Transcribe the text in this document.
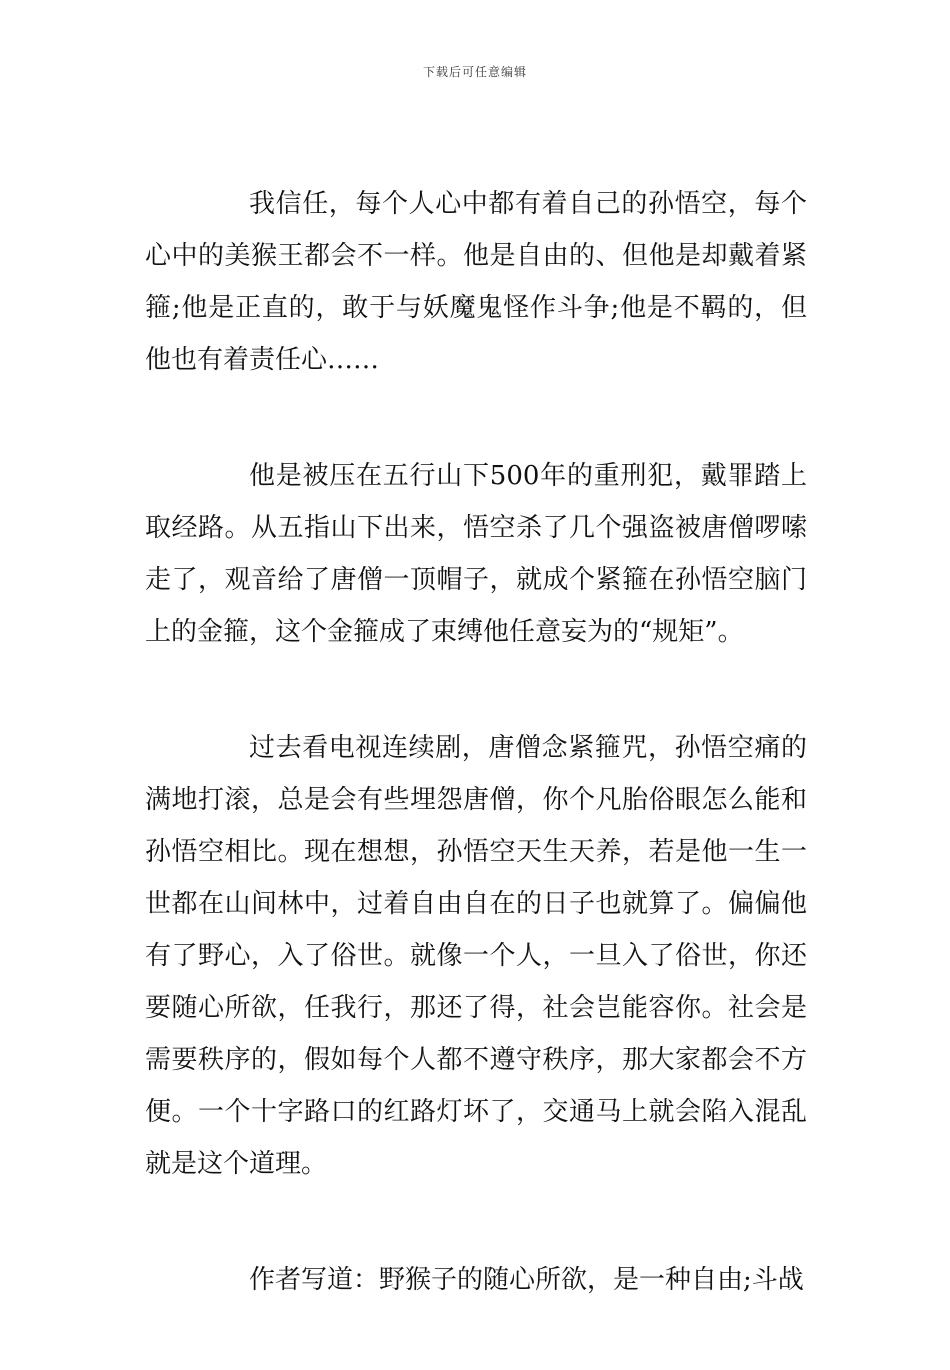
下载后可任意编辑

我信任，每个人心中都有着自己的孙悟空，每个心中的美猴王都会不一样。他是自由的、但他是却戴着紧箍;他是正直的，敢于与妖魔鬼怪作斗争;他是不羁的，但他也有着责任心……

他是被压在五行山下500年的重刑犯，戴罪踏上取经路。从五指山下出来，悟空杀了几个强盗被唐僧啰嗦走了，观音给了唐僧一顶帽子，就成个紧箍在孙悟空脑门上的金箍，这个金箍成了束缚他任意妄为的“规矩”。

过去看电视连续剧，唐僧念紧箍咒，孙悟空痛的满地打滚，总是会有些埋怨唐僧，你个凡胎俗眼怎么能和孙悟空相比。现在想想，孙悟空天生天养，若是他一生一世都在山间林中，过着自由自在的日子也就算了。偏偏他有了野心，入了俗世。就像一个人，一旦入了俗世，你还要随心所欲，任我行，那还了得，社会岂能容你。社会是需要秩序的，假如每个人都不遵守秩序，那大家都会不方便。一个十字路口的红路灯坏了，交通马上就会陷入混乱就是这个道理。

作者写道：野猴子的随心所欲，是一种自由;斗战
